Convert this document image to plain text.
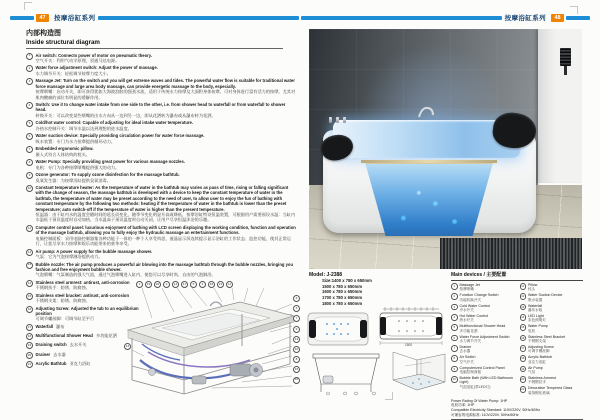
47	按摩浴缸系列
内部构造图
Inside structural diagram
1	Air switch: Connects power of motor on pneumatic theory.
空气开关：利用气动学原理，驳通马达电源。
2	Water force adjustment switch: Adjust the power of massage.
水力调节开关：轻松调节按摩力度大小。
3	Massage Jet: Turn on the switch and you will get extreme waves and tides. The powerful water flow is suitable for traditional water force massage and large area body massage, can provide energetic massage to the body, especially.
按摩喷嘴：启动开关，即可获得犹如大海波浪般的强劲水流，适用于传统水力按摩及大面积身体按摩，可对身体进行富有活力的按摩，尤其对肌肉酸痛的部位有明显的缓解作用。
4	Switch: Use it to change water intake from one side to the other, i.e. from shower head to waterfall or from waterfall to shower head.
转换开关：可以改变某些喷嘴的出水方向从一边到另一边，即从花洒转为瀑布或从瀑布转为花洒。
5	Cold/hot water control: Capable of adjusting for ideal intake water temperature.
冷热水控制开关：调节水温以达到理想的进水温度。
6	Water suction device: Specially providing circulation power for water force massage.
吸水装置：专门为水力按摩提供循环动力。
7	Embedded ergonomic pillow.
嵌入式符合人体结构的枕头。
8	Water Pump: Specially providing great power for various massage nozzles.
电机：专门为各种按摩喷嘴提供强大的动力。
9	Ozone generator: To supply ozone disinfection for the massage bathtub.
臭氧发生器：为按摩浴缸提供臭氧消毒。
10	Constant temperature heater: As the temperature of water in the bathtub may varies as pass of time, rising or falling significant with the change of season, the massage bathtub is developed with a device to keep the constant temperature of water in the bathtub, the temperature of water may be preset according to the need of user, to allow user to enjoy the fun of bathing with constant temperature by the following two methods: heating if the temperature of water in the bathtub is lower than the preset temperature; auto switch-off if the temperature of water is higher than the present temperature.
恒温器：由于缸内水的温度会随时间的延长而变化，随季节变化明显升高或降低，按摩浴缸特设恒温装置，可根据用户需要预设水温：当缸内水温低于预设温度时自动加热，当水温高于预设温度时自动关闭，让用户尽享恒温沐浴的乐趣。
11	Computer control panel: luxurious enjoyment of bathing with LCD screen displaying the working condition, function and operation of the massage bathtub, allowing you to fully enjoy the hydraulic massage an entertainment functions.
电脑控制面板：采用电脑控制器集各种功能于一体的一种个人享受构思，液晶显示屏连续提示显示浴缸的工作状态、监控功能，使其正常运行，让您尽享水力按摩和娱乐功能带来的豪华享受。
12	Air pump: A power supply for the bubble massage shower.
气泵：它为气泡按摩淋浴提供动力。
13	Bubble nozzle: The air pump produces a powerful air blowing into the massage bathtub through the bubble nozzles, bringing you fashion and free enjoyment bubble shower.
气泡喷嘴：气泵制造的强大气流，通过气泡喷嘴进入缸内，使您可以尽享时尚、自由的气泡淋浴。
14	Stainless steel armrest: antirust, anti-corrosion
不锈钢扶手：防锈、防腐蚀。
15	Stainless steel bracket: antirust, anti-corrosion
不锈钢支架：防锈、防腐蚀。
16	Adjusting Screw: Adjusted the tub to an equilibrium position
可调节螺丝脚：可调节缸至平行
17	Waterfall 瀑布
18	Multifunctional Shower Head 多功能花洒
19	Draining switch 去水开关
20	Drainer 去水器
21	Acrylic Bathtub 亚克力浴缸
1	19	20	2	14	17	5	4	18	21	11
6
3
7
9
12
10
8
15
16
13
按摩浴缸系列	48
Model: J-2388
Size:1400 x 780 x 650mm
1500 x 780 x 650mm
1600 x 780 x 650mm
1700 x 780 x 650mm
1800 x 780 x 650mm
1500
Main devices / 主要配置
1	Massage Jet
按摩喷嘴
2	Function Change Switch
功能转换开关
3	Cold Water Control
冷水开关
4	Hot Water Control
热水开关
5	Multifunctional Shower Head
多功能花洒
6	Water Force Adjustment Switch
水力调节开关
7	Drainer
去水器
8	Air Switch
空气开关
9	Computerized Control Panel
电脑控制面板
10	Bubble Bath (With LED Bathroom Light)
气泡浴缸(带LED灯)
11	Pillow
枕头
12	Water Suction Device
吸水装置
13	Waterfall
瀑布水咀
14	LED Light
彩色照明灯
15	Water Pump
电机
16	Stainless Steel Bracket
不锈钢支架
17	Adjusting Screw
可调节螺丝脚
18	Acrylic Bathtub
亚克力浴缸
19	Air Pump
气泵
20	Stainless Armrest
不锈钢扶手
21	Decorative Tempered Glass
装饰钢化玻璃
Power Rating Of Water Pump: 1HP
电机功率: 1HP
Compatible Electricity Standard: 110V/220V, 50Hz/60Hz
可兼容的电源标准: 110V/220V, 50Hz/60Hz
